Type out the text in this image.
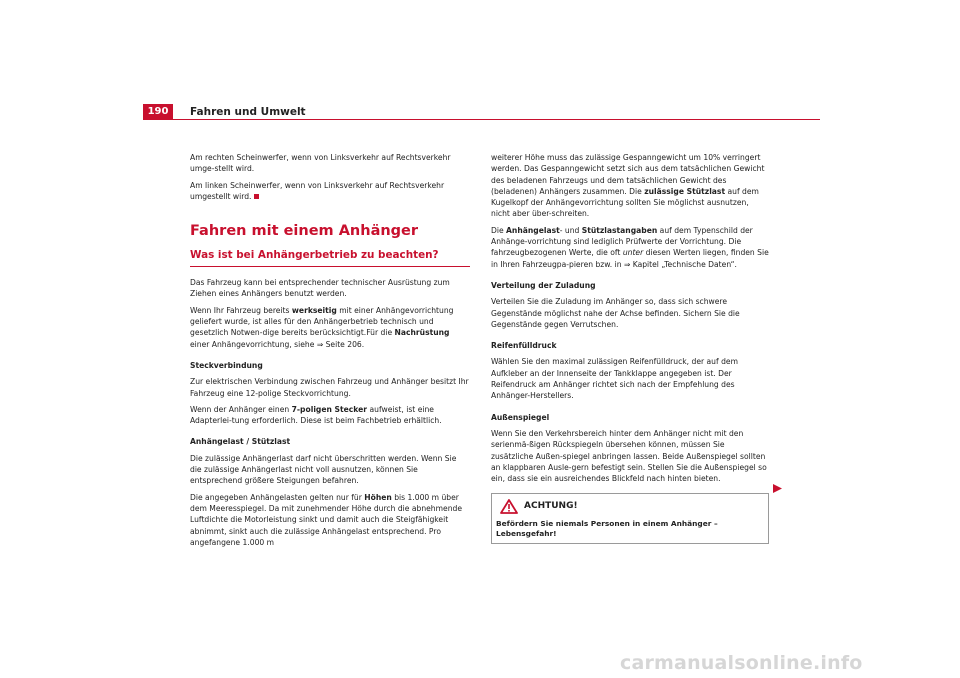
190	Fahren und Umwelt

Am rechten Scheinwerfer, wenn von Linksverkehr auf Rechtsverkehr umge-stellt wird.

Am linken Scheinwerfer, wenn von Linksverkehr auf Rechtsverkehr umgestellt wird.

Fahren mit einem Anhänger
Was ist bei Anhängerbetrieb zu beachten?

Das Fahrzeug kann bei entsprechender technischer Ausrüstung zum Ziehen eines Anhängers benutzt werden.

Wenn Ihr Fahrzeug bereits werkseitig mit einer Anhängevorrichtung geliefert wurde, ist alles für den Anhängerbetrieb technisch und gesetzlich Notwen-dige bereits berücksichtigt.Für die Nachrüstung einer Anhängevorrichtung, siehe ⇒ Seite 206.

Steckverbindung

Zur elektrischen Verbindung zwischen Fahrzeug und Anhänger besitzt Ihr Fahrzeug eine 12-polige Steckvorrichtung.

Wenn der Anhänger einen 7-poligen Stecker aufweist, ist eine Adapterlei-tung erforderlich. Diese ist beim Fachbetrieb erhältlich.

Anhängelast / Stützlast

Die zulässige Anhängerlast darf nicht überschritten werden. Wenn Sie die zulässige Anhängerlast nicht voll ausnutzen, können Sie entsprechend größere Steigungen befahren.

Die angegeben Anhängelasten gelten nur für Höhen bis 1.000 m über dem Meeresspiegel. Da mit zunehmender Höhe durch die abnehmende Luftdichte die Motorleistung sinkt und damit auch die Steigfähigkeit abnimmt, sinkt auch die zulässige Anhängelast entsprechend. Pro angefangene 1.000 m

weiterer Höhe muss das zulässige Gespanngewicht um 10% verringert werden. Das Gespanngewicht setzt sich aus dem tatsächlichen Gewicht des beladenen Fahrzeugs und dem tatsächlichen Gewicht des (beladenen) Anhängers zusammen. Die zulässige Stützlast auf dem Kugelkopf der Anhängevorrichtung sollten Sie möglichst ausnutzen, nicht aber über-schreiten.

Die Anhängelast- und Stützlastangaben auf dem Typenschild der Anhänge-vorrichtung sind lediglich Prüfwerte der Vorrichtung. Die fahrzeugbezogenen Werte, die oft unter diesen Werten liegen, finden Sie in Ihren Fahrzeugpa-pieren bzw. in ⇒ Kapitel „Technische Daten“.

Verteilung der Zuladung

Verteilen Sie die Zuladung im Anhänger so, dass sich schwere Gegenstände möglichst nahe der Achse befinden. Sichern Sie die Gegenstände gegen Verrutschen.

Reifenfülldruck

Wählen Sie den maximal zulässigen Reifenfülldruck, der auf dem Aufkleber an der Innenseite der Tankklappe angegeben ist. Der Reifendruck am Anhänger richtet sich nach der Empfehlung des Anhänger-Herstellers.

Außenspiegel

Wenn Sie den Verkehrsbereich hinter dem Anhänger nicht mit den serienmä-ßigen Rückspiegeln übersehen können, müssen Sie zusätzliche Außen-spiegel anbringen lassen. Beide Außenspiegel sollten an klappbaren Ausle-gern befestigt sein. Stellen Sie die Außenspiegel so ein, dass sie ein ausreichendes Blickfeld nach hinten bieten.

ACHTUNG!
Befördern Sie niemals Personen in einem Anhänger – Lebensgefahr!
carmanualsonline.info
